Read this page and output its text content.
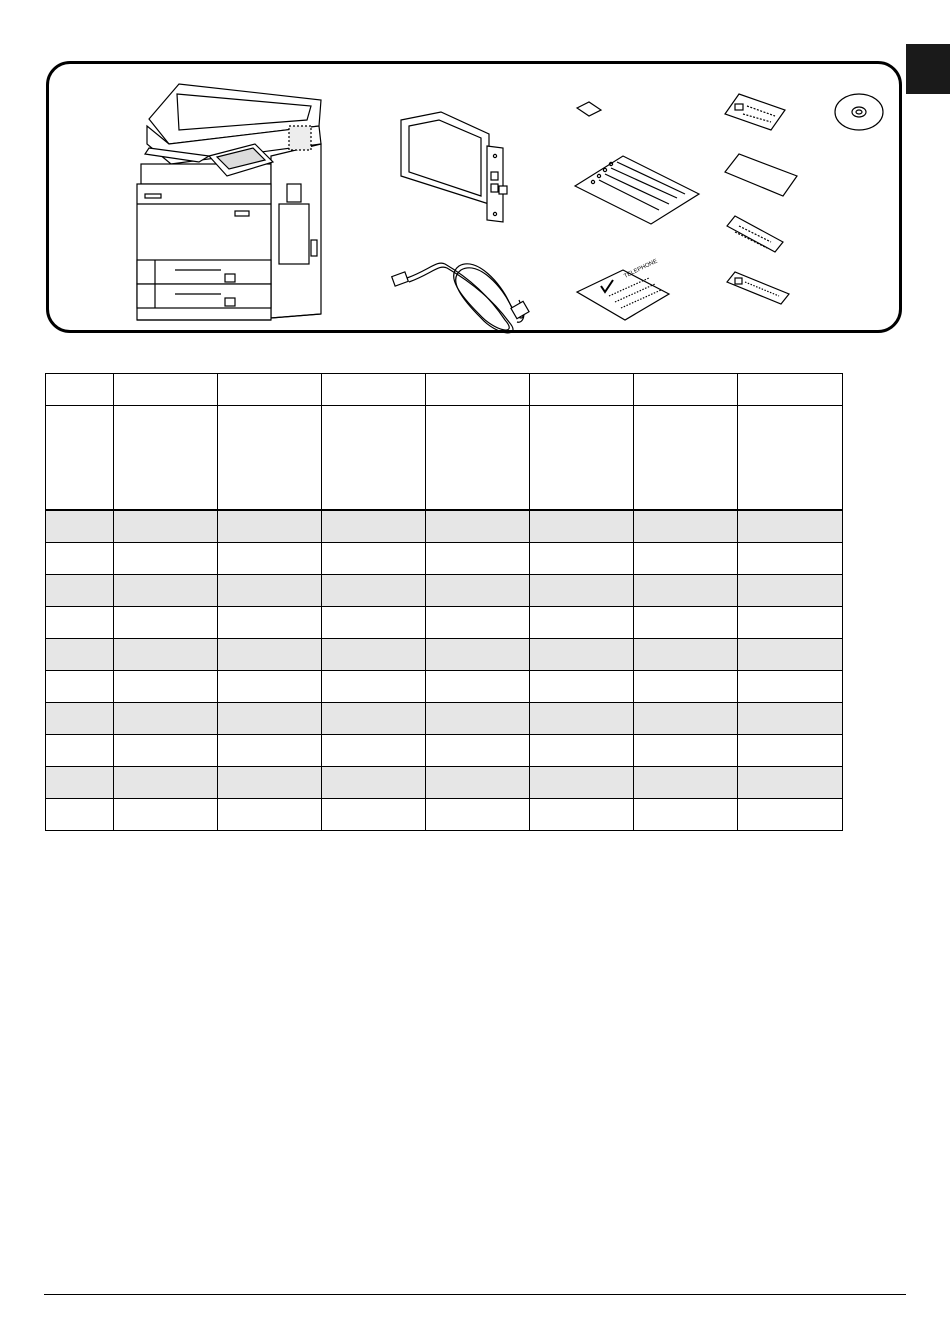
TELEPHONE
